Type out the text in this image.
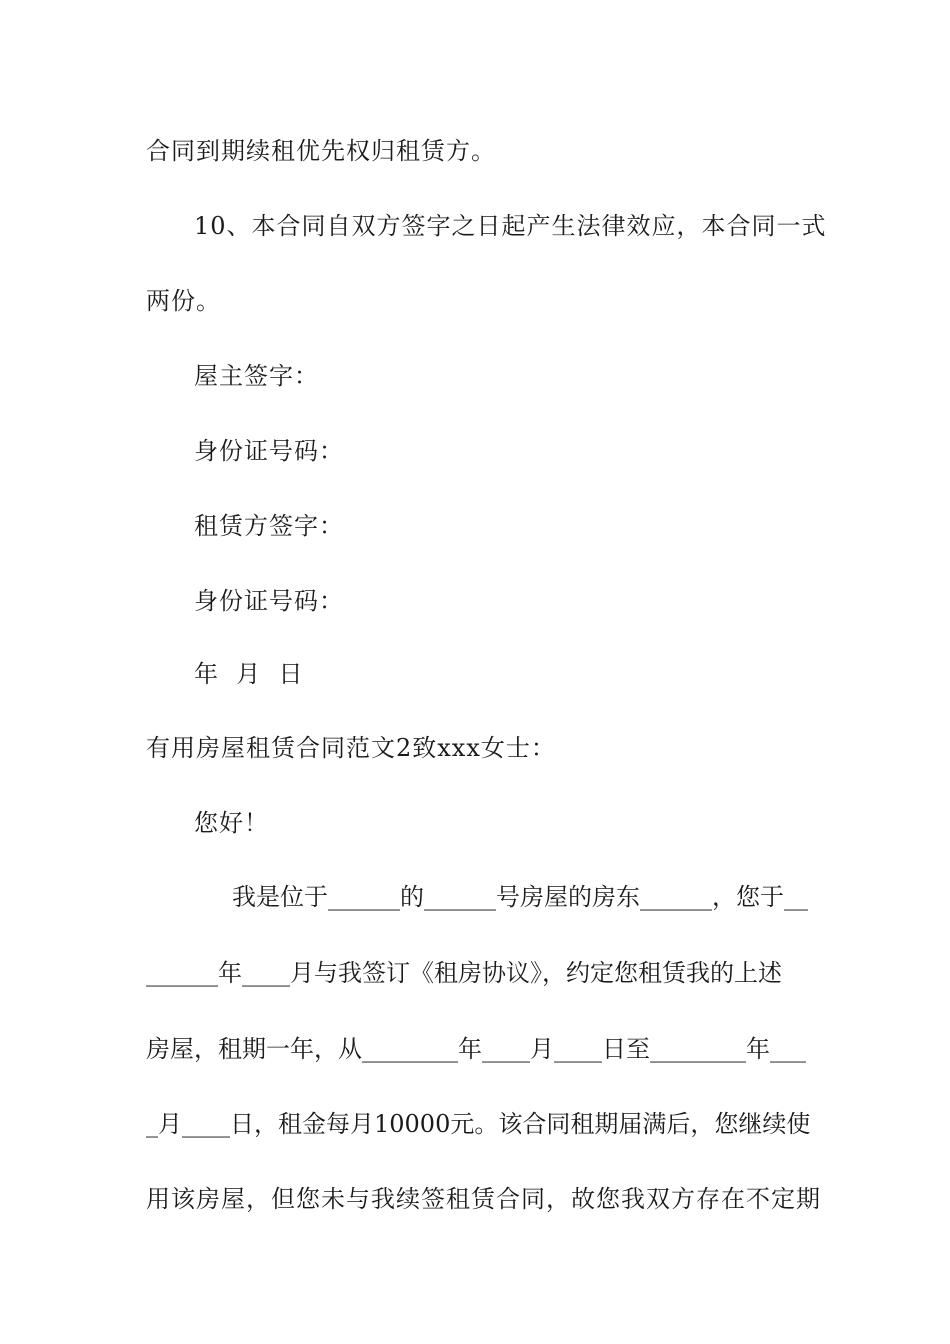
合同到期续租优先权归租赁方。
10、本合同自双方签字之日起产生法律效应，本合同一式
两份。
屋主签字：
身份证号码：
租赁方签字：
身份证号码：
年  月  日
有用房屋租赁合同范文2致xxx女士：
您好！
我是位于______的______号房屋的房东______，您于__
______年____月与我签订《租房协议》，约定您租赁我的上述
房屋，租期一年，从________年____月____日至________年___
_月____日，租金每月10000元。该合同租期届满后，您继续使
用该房屋，但您未与我续签租赁合同，故您我双方存在不定期
